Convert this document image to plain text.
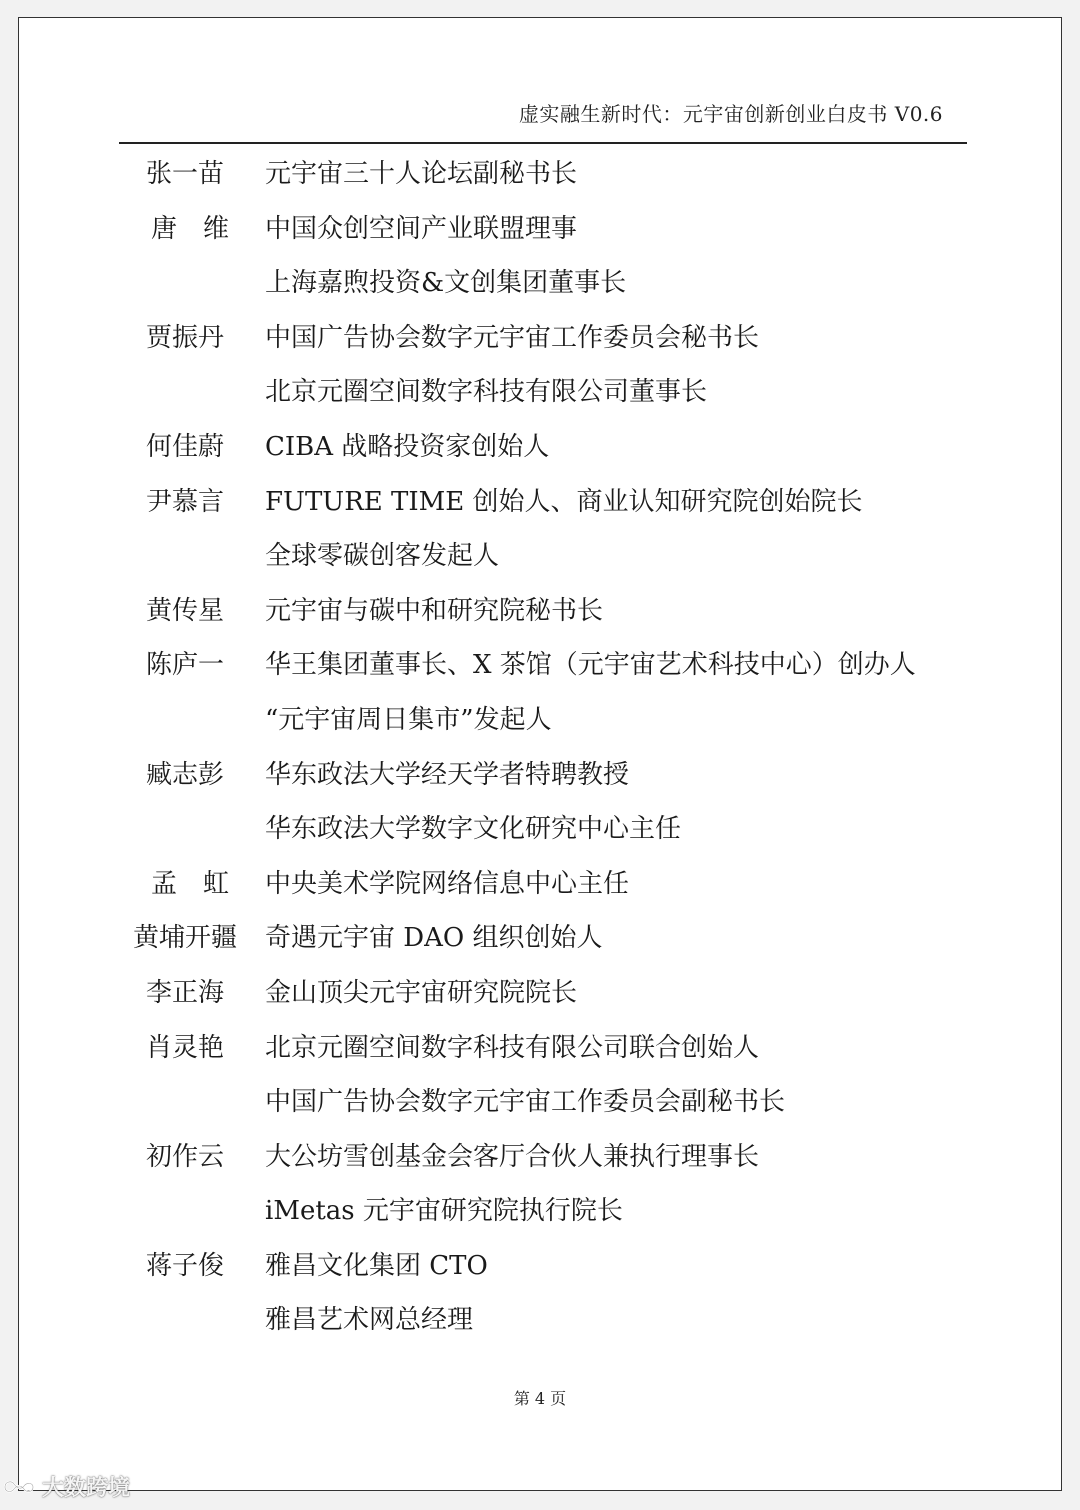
虚实融生新时代：元宇宙创新创业白皮书 V0.6
张一苗	元宇宙三十人论坛副秘书长
唐维 中国众创空间产业联盟理事
上海嘉煦投资&文创集团董事长
贾振丹	中国广告协会数字元宇宙工作委员会秘书长
北京元圈空间数字科技有限公司董事长
何佳蔚	CIBA 战略投资家创始人
尹慕言	FUTURE TIME 创始人、商业认知研究院创始院长
全球零碳创客发起人
黄传星	元宇宙与碳中和研究院秘书长
陈庐一	华王集团董事长、X 茶馆（元宇宙艺术科技中心）创办人
“元宇宙周日集市”发起人
臧志彭	华东政法大学经天学者特聘教授
华东政法大学数字文化研究中心主任
孟虹 中央美术学院网络信息中心主任
黄埔开疆	奇遇元宇宙 DAO 组织创始人
李正海	金山顶尖元宇宙研究院院长
肖灵艳	北京元圈空间数字科技有限公司联合创始人
中国广告协会数字元宇宙工作委员会副秘书长
初作云	大公坊雪创基金会客厅合伙人兼执行理事长
iMetas 元宇宙研究院执行院长
蒋子俊	雅昌文化集团 CTO
雅昌艺术网总经理
第 4 页
大数跨境
